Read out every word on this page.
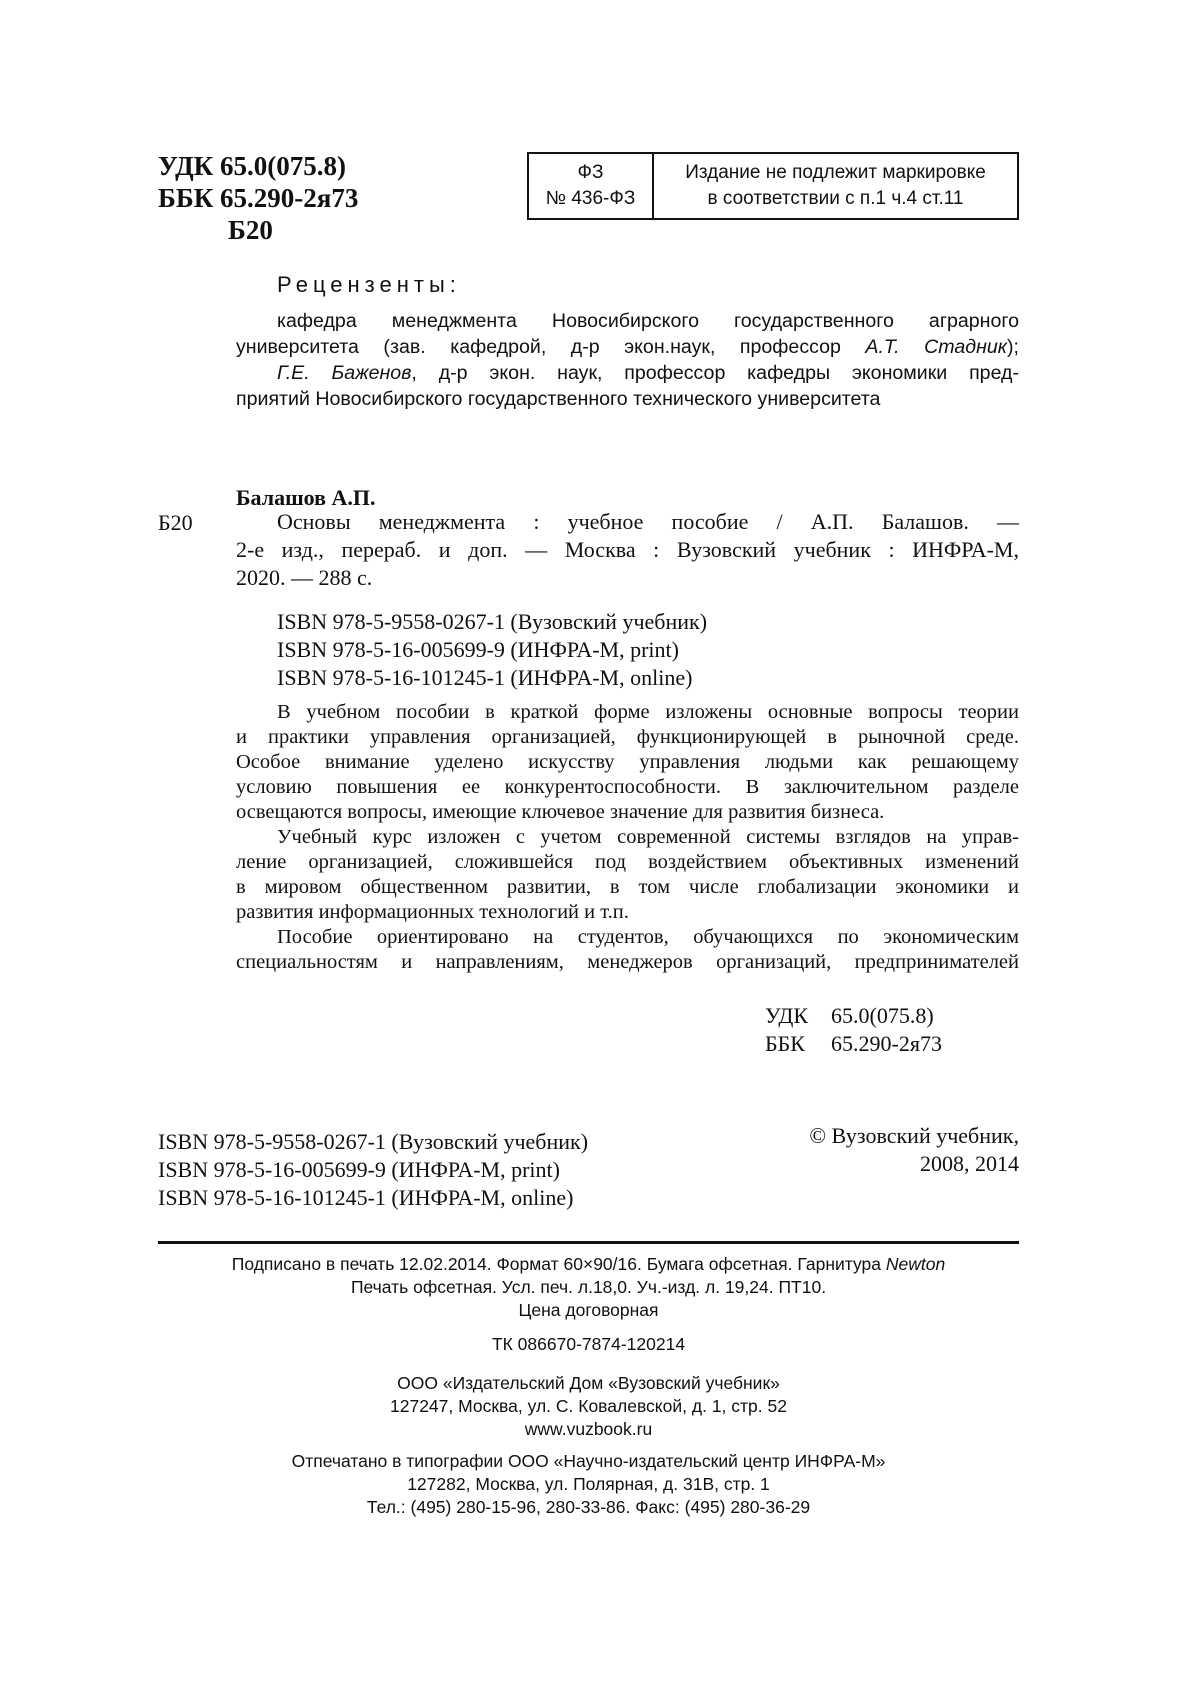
УДК 65.0(075.8)
ББК 65.290-2я73
Б20
ФЗ
№ 436-ФЗ
Издание не подлежит маркировке
в соответствии с п.1 ч.4 ст.11
Рецензенты:

кафедра менеджмента Новосибирского государственного аграрного

университета (зав. кафедрой, д-р экон.наук, профессор А.Т. Стадник);

Г.Е. Баженов, д-р экон. наук, профессор кафедры экономики пред-

приятий Новосибирского государственного технического университета

Балашов А.П.
Б20	Основы менеджмента : учебное пособие / А.П. Балашов. —

2-е изд., перераб. и доп. — Москва : Вузовский учебник : ИНФРА-М,

2020. — 288 с.

ISBN 978-5-9558-0267-1 (Вузовский учебник)
ISBN 978-5-16-005699-9 (ИНФРА-М, print)
ISBN 978-5-16-101245-1 (ИНФРА-М, online)

В учебном пособии в краткой форме изложены основные вопросы теории

и практики управления организацией, функционирующей в рыночной среде.

Особое внимание уделено искусству управления людьми как решающему

условию повышения ее конкурентоспособности. В заключительном разделе

освещаются вопросы, имеющие ключевое значение для развития бизнеса.

Учебный курс изложен с учетом современной системы взглядов на управ-

ление организацией, сложившейся под воздействием объективных изменений

в мировом общественном развитии, в том числе глобализации экономики и

развития информационных технологий и т.п.

Пособие ориентировано на студентов, обучающихся по экономическим

специальностям и направлениям, менеджеров организаций, предпринимателей

УДК 65.0(075.8)
ББК 65.290-2я73
ISBN 978-5-9558-0267-1 (Вузовский учебник)
ISBN 978-5-16-005699-9 (ИНФРА-М, print)
ISBN 978-5-16-101245-1 (ИНФРА-М, online)
© Вузовский учебник,
2008, 2014
Подписано в печать 12.02.2014. Формат 60×90/16. Бумага офсетная. Гарнитура Newton
Печать офсетная. Усл. печ. л.18,0. Уч.-изд. л. 19,24. ПТ10.
Цена договорная
ТК 086670-7874-120214
ООО «Издательский Дом «Вузовский учебник»
127247, Москва, ул. С. Ковалевской, д. 1, стр. 52
www.vuzbook.ru
Отпечатано в типографии ООО «Научно-издательский центр ИНФРА-М»
127282, Москва, ул. Полярная, д. 31В, стр. 1
Тел.: (495) 280-15-96, 280-33-86. Факс: (495) 280-36-29
